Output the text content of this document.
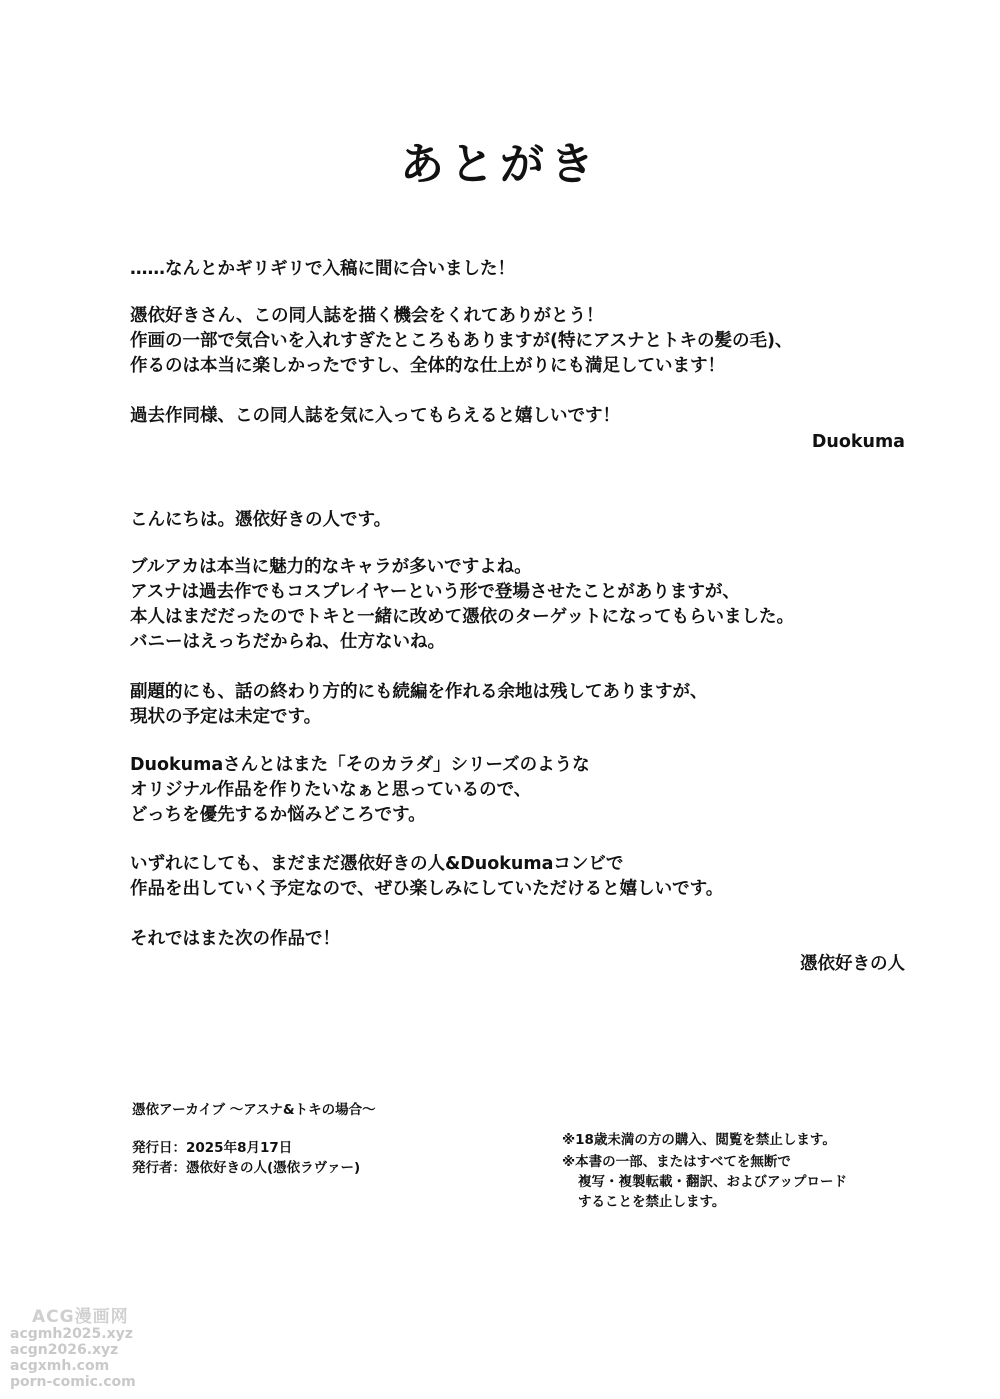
あとがき
……なんとかギリギリで入稿に間に合いました！
憑依好きさん、この同人誌を描く機会をくれてありがとう！
作画の一部で気合いを入れすぎたところもありますが(特にアスナとトキの髪の毛)、
作るのは本当に楽しかったですし、全体的な仕上がりにも満足しています！
過去作同様、この同人誌を気に入ってもらえると嬉しいです！
Duokuma
こんにちは。憑依好きの人です。
ブルアカは本当に魅力的なキャラが多いですよね。
アスナは過去作でもコスプレイヤーという形で登場させたことがありますが、
本人はまだだったのでトキと一緒に改めて憑依のターゲットになってもらいました。
バニーはえっちだからね、仕方ないね。
副題的にも、話の終わり方的にも続編を作れる余地は残してありますが、
現状の予定は未定です。
Duokumaさんとはまた「そのカラダ」シリーズのような
オリジナル作品を作りたいなぁと思っているので、
どっちを優先するか悩みどころです。
いずれにしても、まだまだ憑依好きの人&Duokumaコンビで
作品を出していく予定なので、ぜひ楽しみにしていただけると嬉しいです。
それではまた次の作品で！
憑依好きの人
憑依アーカイブ ～アスナ&トキの場合～
発行日：2025年8月17日
発行者：憑依好きの人(憑依ラヴァー)
※18歳未満の方の購入、閲覧を禁止します。
※本書の一部、またはすべてを無断で
複写・複製転載・翻訳、およびアップロード
することを禁止します。
ACG漫画网
acgmh2025.xyz
acgn2026.xyz
acgxmh.com
porn-comic.com
